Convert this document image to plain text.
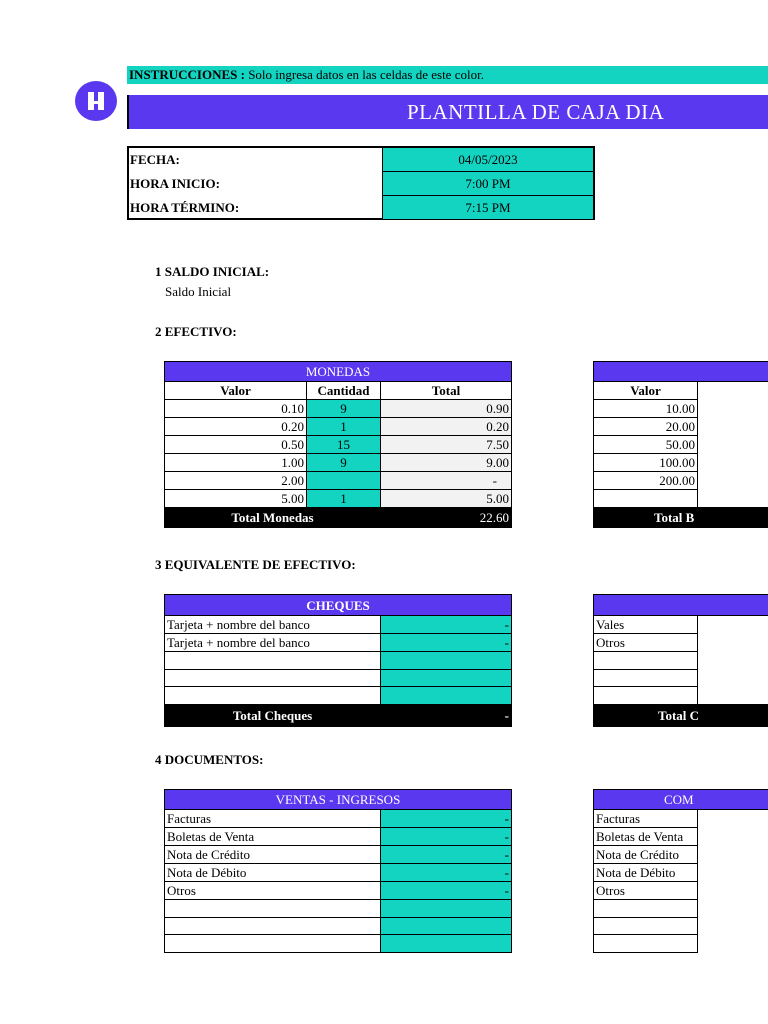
INSTRUCCIONES : Solo ingresa datos en las celdas de este color.
PLANTILLA DE CAJA DIA
FECHA:	04/05/2023
HORA INICIO:	7:00 PM
HORA TÉRMINO:	7:15 PM
1 SALDO INICIAL:
Saldo Inicial
2 EFECTIVO:
MONEDAS		
Valor	Cantidad	Total
0.10	9	0.90
0.20	1	0.20
0.50	15	7.50
1.00	9	9.00
2.00		-
5.00	1	5.00
Total Monedas		22.60

Valor	
10.00	
20.00	
50.00	
100.00	
200.00	

Total B	
3 EQUIVALENTE DE EFECTIVO:
CHEQUES	
Tarjeta + nombre del banco	-
Tarjeta + nombre del banco	-

Total Cheques	-

Vales	
Otros	

Total C	
4 DOCUMENTOS:
VENTAS - INGRESOS	
Facturas	-
Boletas de Venta	-
Nota de Crédito	-
Nota de Débito	-
Otros	-

COM	
Facturas	
Boletas de Venta	
Nota de Crédito	
Nota de Débito	
Otros	
